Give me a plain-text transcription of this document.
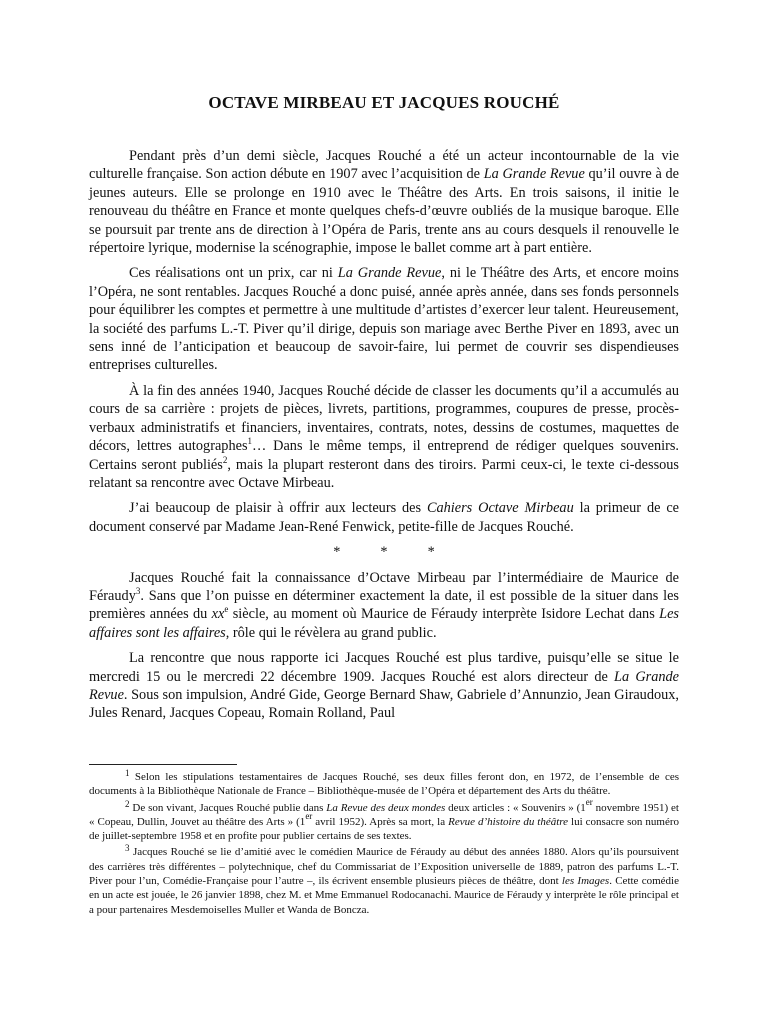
OCTAVE MIRBEAU ET JACQUES ROUCHÉ

Pendant près d’un demi siècle, Jacques Rouché a été un acteur incontournable de la vie culturelle française. Son action débute en 1907 avec l’acquisition de La Grande Revue qu’il ouvre à de jeunes auteurs. Elle se prolonge en 1910 avec le Théâtre des Arts. En trois saisons, il initie le renouveau du théâtre en France et monte quelques chefs-d’œuvre oubliés de la musique baroque. Elle se poursuit par trente ans de direction à l’Opéra de Paris, trente ans au cours desquels il renouvelle le répertoire lyrique, modernise la scénographie, impose le ballet comme art à part entière.

Ces réalisations ont un prix, car ni La Grande Revue, ni le Théâtre des Arts, et encore moins l’Opéra, ne sont rentables. Jacques Rouché a donc puisé, année après année, dans ses fonds personnels pour équilibrer les comptes et permettre à une multitude d’artistes d’exercer leur talent. Heureusement, la société des parfums L.-T. Piver qu’il dirige, depuis son mariage avec Berthe Piver en 1893, avec un sens inné de l’anticipation et beaucoup de savoir-faire, lui permet de couvrir ses dispendieuses entreprises culturelles.

À la fin des années 1940, Jacques Rouché décide de classer les documents qu’il a accumulés au cours de sa carrière : projets de pièces, livrets, partitions, programmes, coupures de presse, procès-verbaux administratifs et financiers, inventaires, contrats, notes, dessins de costumes, maquettes de décors, lettres autographes$^1$… Dans le même temps, il entreprend de rédiger quelques souvenirs. Certains seront publiés$^2$, mais la plupart resteront dans des tiroirs. Parmi ceux-ci, le texte ci-dessous relatant sa rencontre avec Octave Mirbeau.

J’ai beaucoup de plaisir à offrir aux lecteurs des Cahiers Octave Mirbeau la primeur de ce document conservé par Madame Jean-René Fenwick, petite-fille de Jacques Rouché.

*	*	*

Jacques Rouché fait la connaissance d’Octave Mirbeau par l’intermédiaire de Maurice de Féraudy$^3$. Sans que l’on puisse en déterminer exactement la date, il est possible de la situer dans les premières années du $xx^e$ siècle, au moment où Maurice de Féraudy interprète Isidore Lechat dans Les affaires sont les affaires, rôle qui le révèlera au grand public.

La rencontre que nous rapporte ici Jacques Rouché est plus tardive, puisqu’elle se situe le mercredi 15 ou le mercredi 22 décembre 1909. Jacques Rouché est alors directeur de La Grande Revue. Sous son impulsion, André Gide, George Bernard Shaw, Gabriele d’Annunzio, Jean Giraudoux, Jules Renard, Jacques Copeau, Romain Rolland, Paul

$^1$ Selon les stipulations testamentaires de Jacques Rouché, ses deux filles feront don, en 1972, de l’ensemble de ces documents à la Bibliothèque Nationale de France – Bibliothèque-musée de l’Opéra et département des Arts du théâtre.

$^2$ De son vivant, Jacques Rouché publie dans La Revue des deux mondes deux articles : « Souvenirs » (1er novembre 1951) et « Copeau, Dullin, Jouvet au théâtre des Arts » (1er avril 1952). Après sa mort, la Revue d’histoire du théâtre lui consacre son numéro de juillet-septembre 1958 et en profite pour publier certains de ses textes.

$^3$ Jacques Rouché se lie d’amitié avec le comédien Maurice de Féraudy au début des années 1880. Alors qu’ils poursuivent des carrières très différentes – polytechnique, chef du Commissariat de l’Exposition universelle de 1889, patron des parfums L.-T. Piver pour l’un, Comédie-Française pour l’autre –, ils écrivent ensemble plusieurs pièces de théâtre, dont les Images. Cette comédie en un acte est jouée, le 26 janvier 1898, chez M. et Mme Emmanuel Rodocanachi. Maurice de Féraudy y interprète le rôle principal et a pour partenaires Mesdemoiselles Muller et Wanda de Boncza.
